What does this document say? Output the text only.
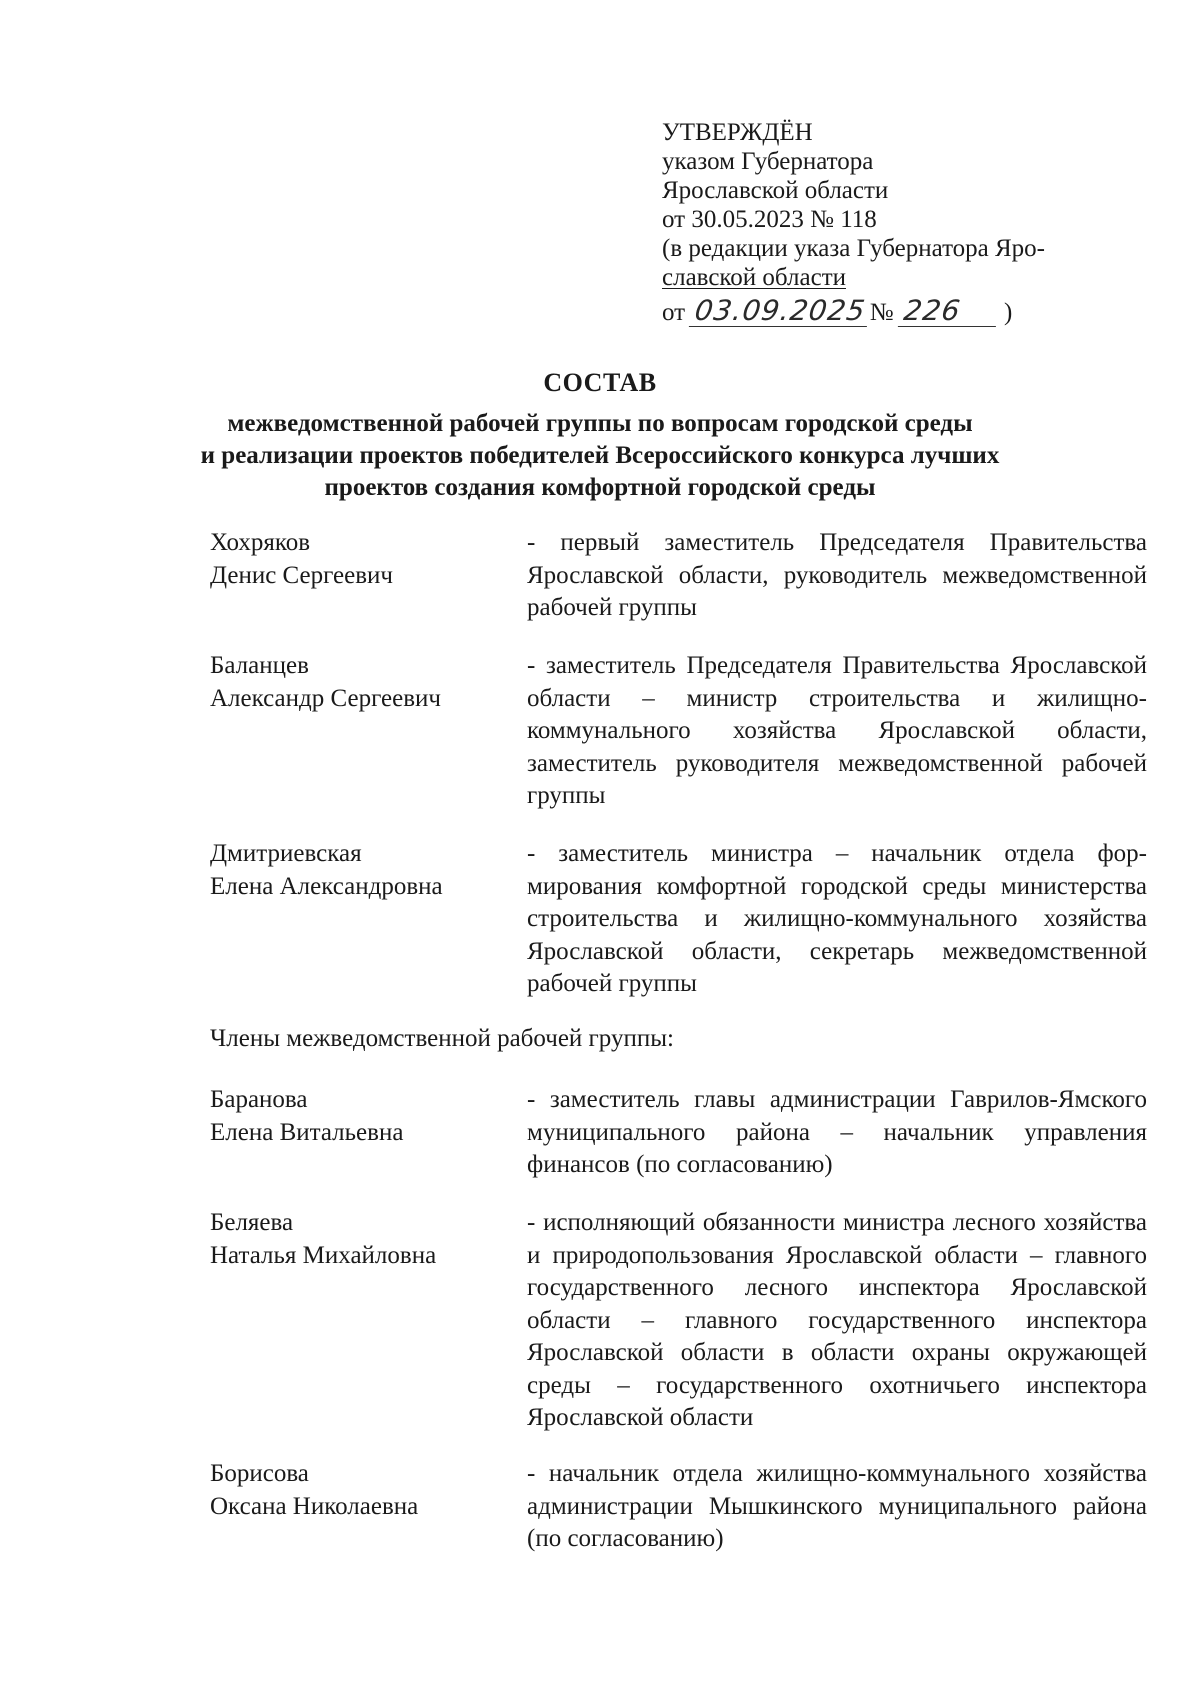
УТВЕРЖДЁН
указом Губернатора
Ярославской области
от 30.05.2023 № 118
(в редакции указа Губернатора Яро-
славской области
от 03.09.2025№ 226 )
СОСТАВ
межведомственной рабочей группы по вопросам городской среды
и реализации проектов победителей Всероссийского конкурса лучших
проектов создания комфортной городской среды
Хохряков
Денис Сергеевич
- первый заместитель Председателя Правительства Ярославской области, руководитель межведомственной рабочей группы
Баланцев
Александр Сергеевич
- заместитель Председателя Правительства Ярославской области – министр строительства и жилищно-коммунального хозяйства Ярославской области, заместитель руководителя межведомственной рабочей группы
Дмитриевская
Елена Александровна
- заместитель министра – начальник отдела формирования комфортной городской среды министерства строительства и жилищно-коммунального хозяйства Ярославской области, секретарь межведомственной рабочей группы
Члены межведомственной рабочей группы:
Баранова
Елена Витальевна
- заместитель главы администрации Гаврилов-Ямского муниципального района – начальник управления финансов (по согласованию)
Беляева
Наталья Михайловна
- исполняющий обязанности министра лесного хозяйства и природопользования Ярославской области – главного государственного лесного инспектора Ярославской области – главного государственного инспектора Ярославской области в области охраны окружающей среды – государственного охотничьего инспектора Ярославской области
Борисова
Оксана Николаевна
- начальник отдела жилищно-коммунального хозяйства администрации Мышкинского муниципального района (по согласованию)
